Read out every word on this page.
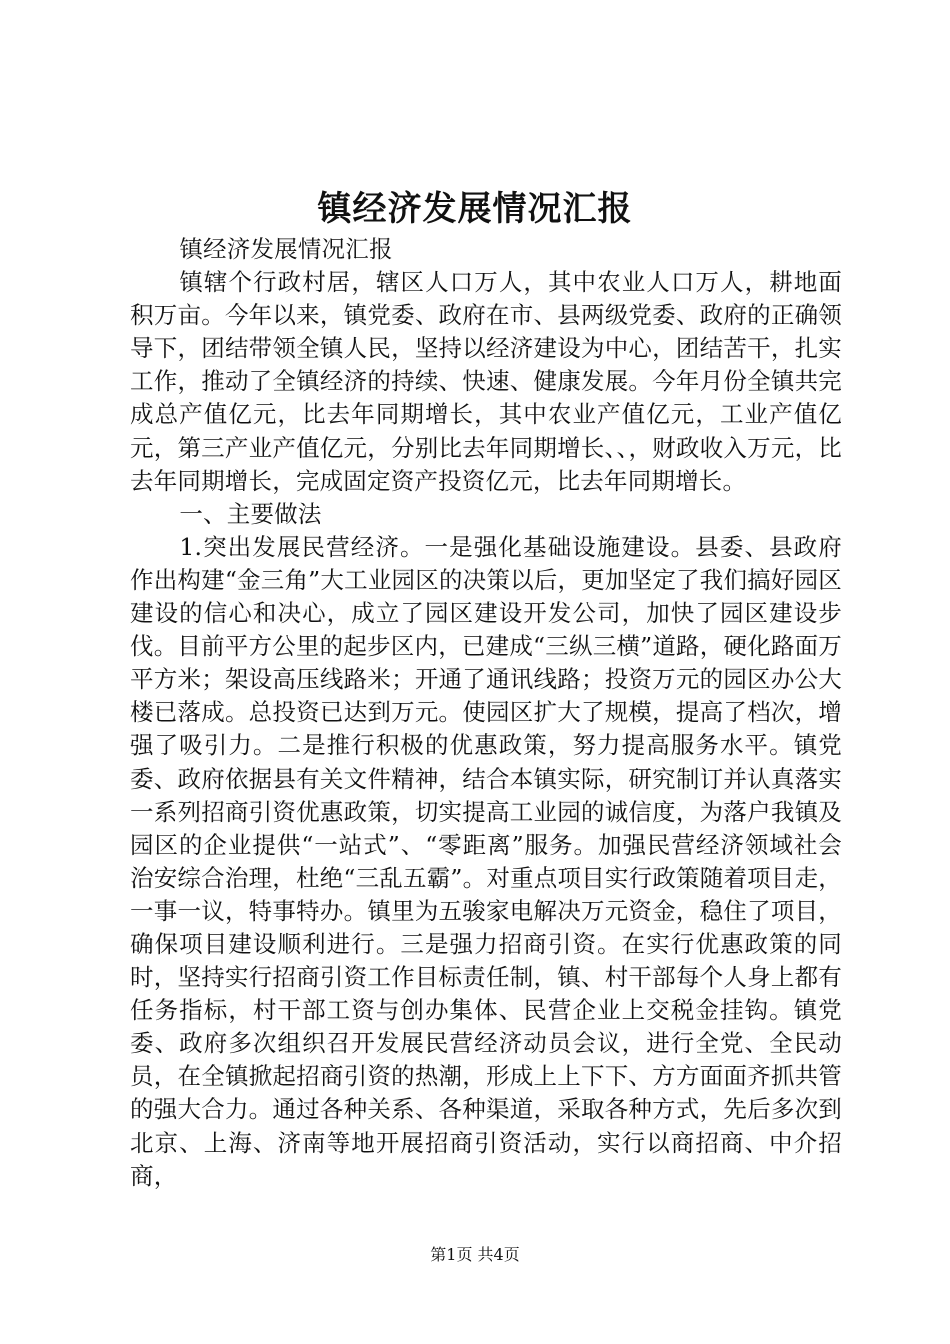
镇经济发展情况汇报

镇经济发展情况汇报

镇辖个行政村居，辖区人口万人，其中农业人口万人，耕地面积万亩。今年以来，镇党委、政府在市、县两级党委、政府的正确领导下，团结带领全镇人民，坚持以经济建设为中心，团结苦干，扎实工作，推动了全镇经济的持续、快速、健康发展。今年月份全镇共完成总产值亿元，比去年同期增长，其中农业产值亿元，工业产值亿元，第三产业产值亿元，分别比去年同期增长、、，财政收入万元，比去年同期增长，完成固定资产投资亿元，比去年同期增长。

一、主要做法

1.突出发展民营经济。一是强化基础设施建设。县委、县政府作出构建“金三角”大工业园区的决策以后，更加坚定了我们搞好园区建设的信心和决心，成立了园区建设开发公司，加快了园区建设步伐。目前平方公里的起步区内，已建成“三纵三横”道路，硬化路面万平方米；架设高压线路米；开通了通讯线路；投资万元的园区办公大楼已落成。总投资已达到万元。使园区扩大了规模，提高了档次，增强了吸引力。二是推行积极的优惠政策，努力提高服务水平。镇党委、政府依据县有关文件精神，结合本镇实际，研究制订并认真落实一系列招商引资优惠政策，切实提高工业园的诚信度，为落户我镇及园区的企业提供“一站式”、“零距离”服务。加强民营经济领域社会治安综合治理，杜绝“三乱五霸”。对重点项目实行政策随着项目走，一事一议，特事特办。镇里为五骏家电解决万元资金，稳住了项目，确保项目建设顺利进行。三是强力招商引资。在实行优惠政策的同时，坚持实行招商引资工作目标责任制，镇、村干部每个人身上都有任务指标，村干部工资与创办集体、民营企业上交税金挂钩。镇党委、政府多次组织召开发展民营经济动员会议，进行全党、全民动员，在全镇掀起招商引资的热潮，形成上上下下、方方面面齐抓共管的强大合力。通过各种关系、各种渠道，采取各种方式，先后多次到北京、上海、济南等地开展招商引资活动，实行以商招商、中介招商，

第1页 共4页
